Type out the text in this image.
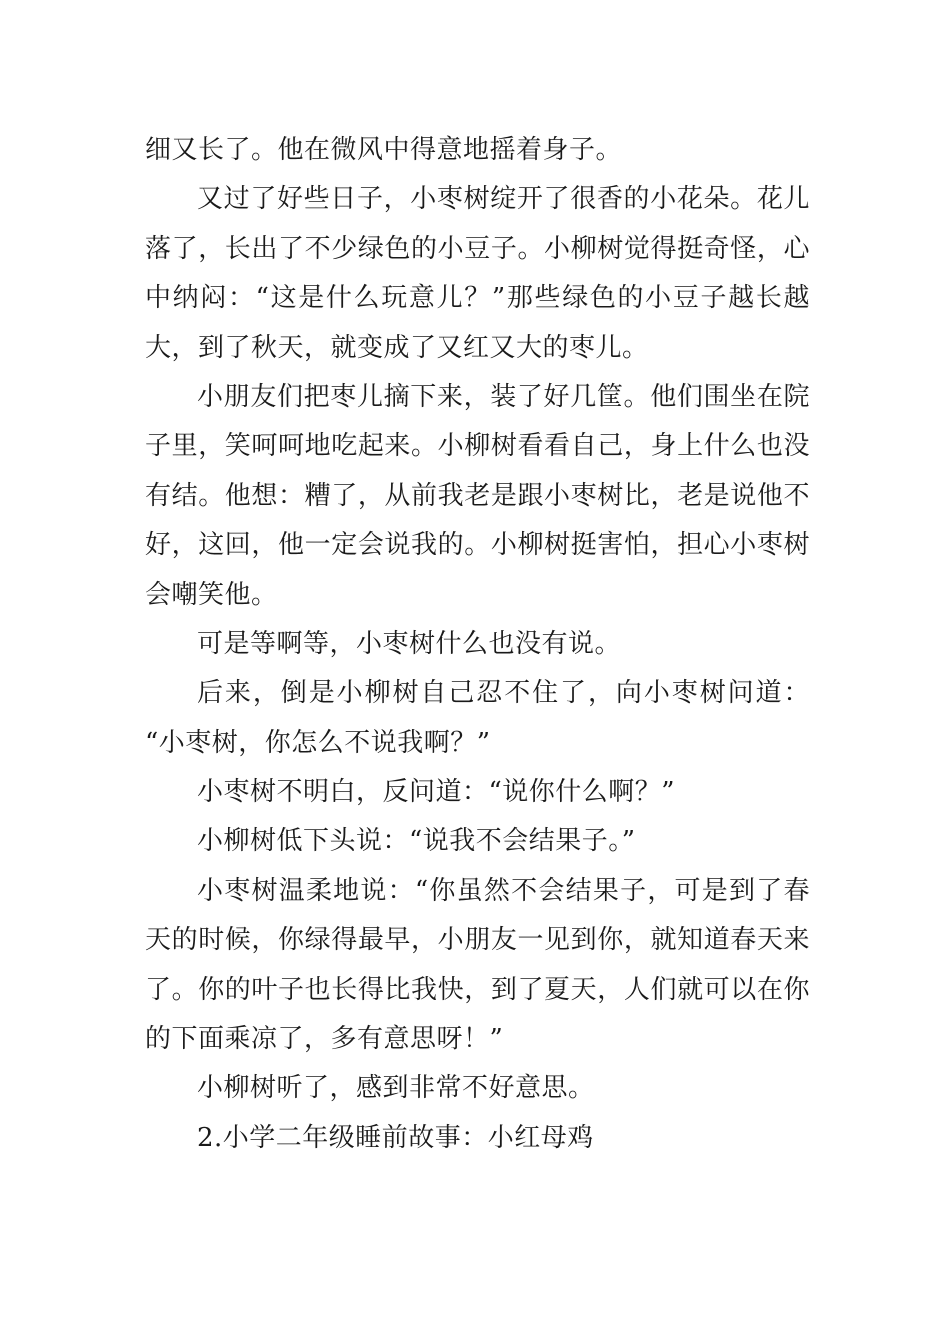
细又长了。他在微风中得意地摇着身子。
又过了好些日子，小枣树绽开了很香的小花朵。花儿
落了，长出了不少绿色的小豆子。小柳树觉得挺奇怪，心
中纳闷：“这是什么玩意儿？”那些绿色的小豆子越长越
大，到了秋天，就变成了又红又大的枣儿。
小朋友们把枣儿摘下来，装了好几筐。他们围坐在院
子里，笑呵呵地吃起来。小柳树看看自己，身上什么也没
有结。他想：糟了，从前我老是跟小枣树比，老是说他不
好，这回，他一定会说我的。小柳树挺害怕，担心小枣树
会嘲笑他。
可是等啊等，小枣树什么也没有说。
后来，倒是小柳树自己忍不住了，向小枣树问道：
“小枣树，你怎么不说我啊？”
小枣树不明白，反问道：“说你什么啊？”
小柳树低下头说：“说我不会结果子。”
小枣树温柔地说：“你虽然不会结果子，可是到了春
天的时候，你绿得最早，小朋友一见到你，就知道春天来
了。你的叶子也长得比我快，到了夏天，人们就可以在你
的下面乘凉了，多有意思呀！”
小柳树听了，感到非常不好意思。
2.小学二年级睡前故事：小红母鸡
